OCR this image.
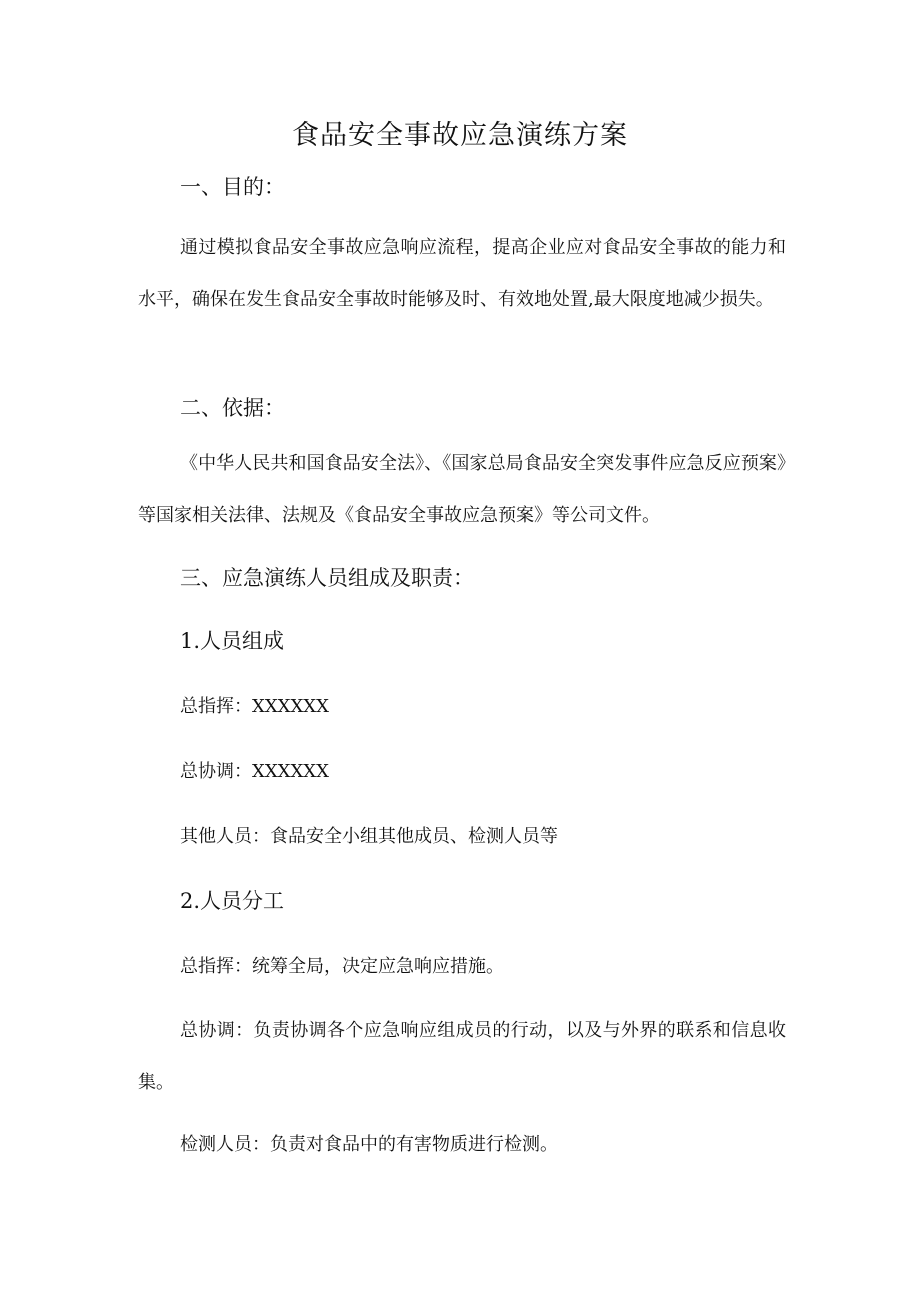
食品安全事故应急演练方案
一、目的：
通过模拟食品安全事故应急响应流程，提高企业应对食品安全事故的能力和水平，确保在发生食品安全事故时能够及时、有效地处置,最大限度地减少损失。
二、依据：
《中华人民共和国食品安全法》、《国家总局食品安全突发事件应急反应预案》等国家相关法律、法规及《食品安全事故应急预案》等公司文件。
三、应急演练人员组成及职责：
1.人员组成
总指挥：XXXXXX
总协调：XXXXXX
其他人员：食品安全小组其他成员、检测人员等
2.人员分工
总指挥：统筹全局，决定应急响应措施。
总协调：负责协调各个应急响应组成员的行动，以及与外界的联系和信息收集。
检测人员：负责对食品中的有害物质进行检测。
